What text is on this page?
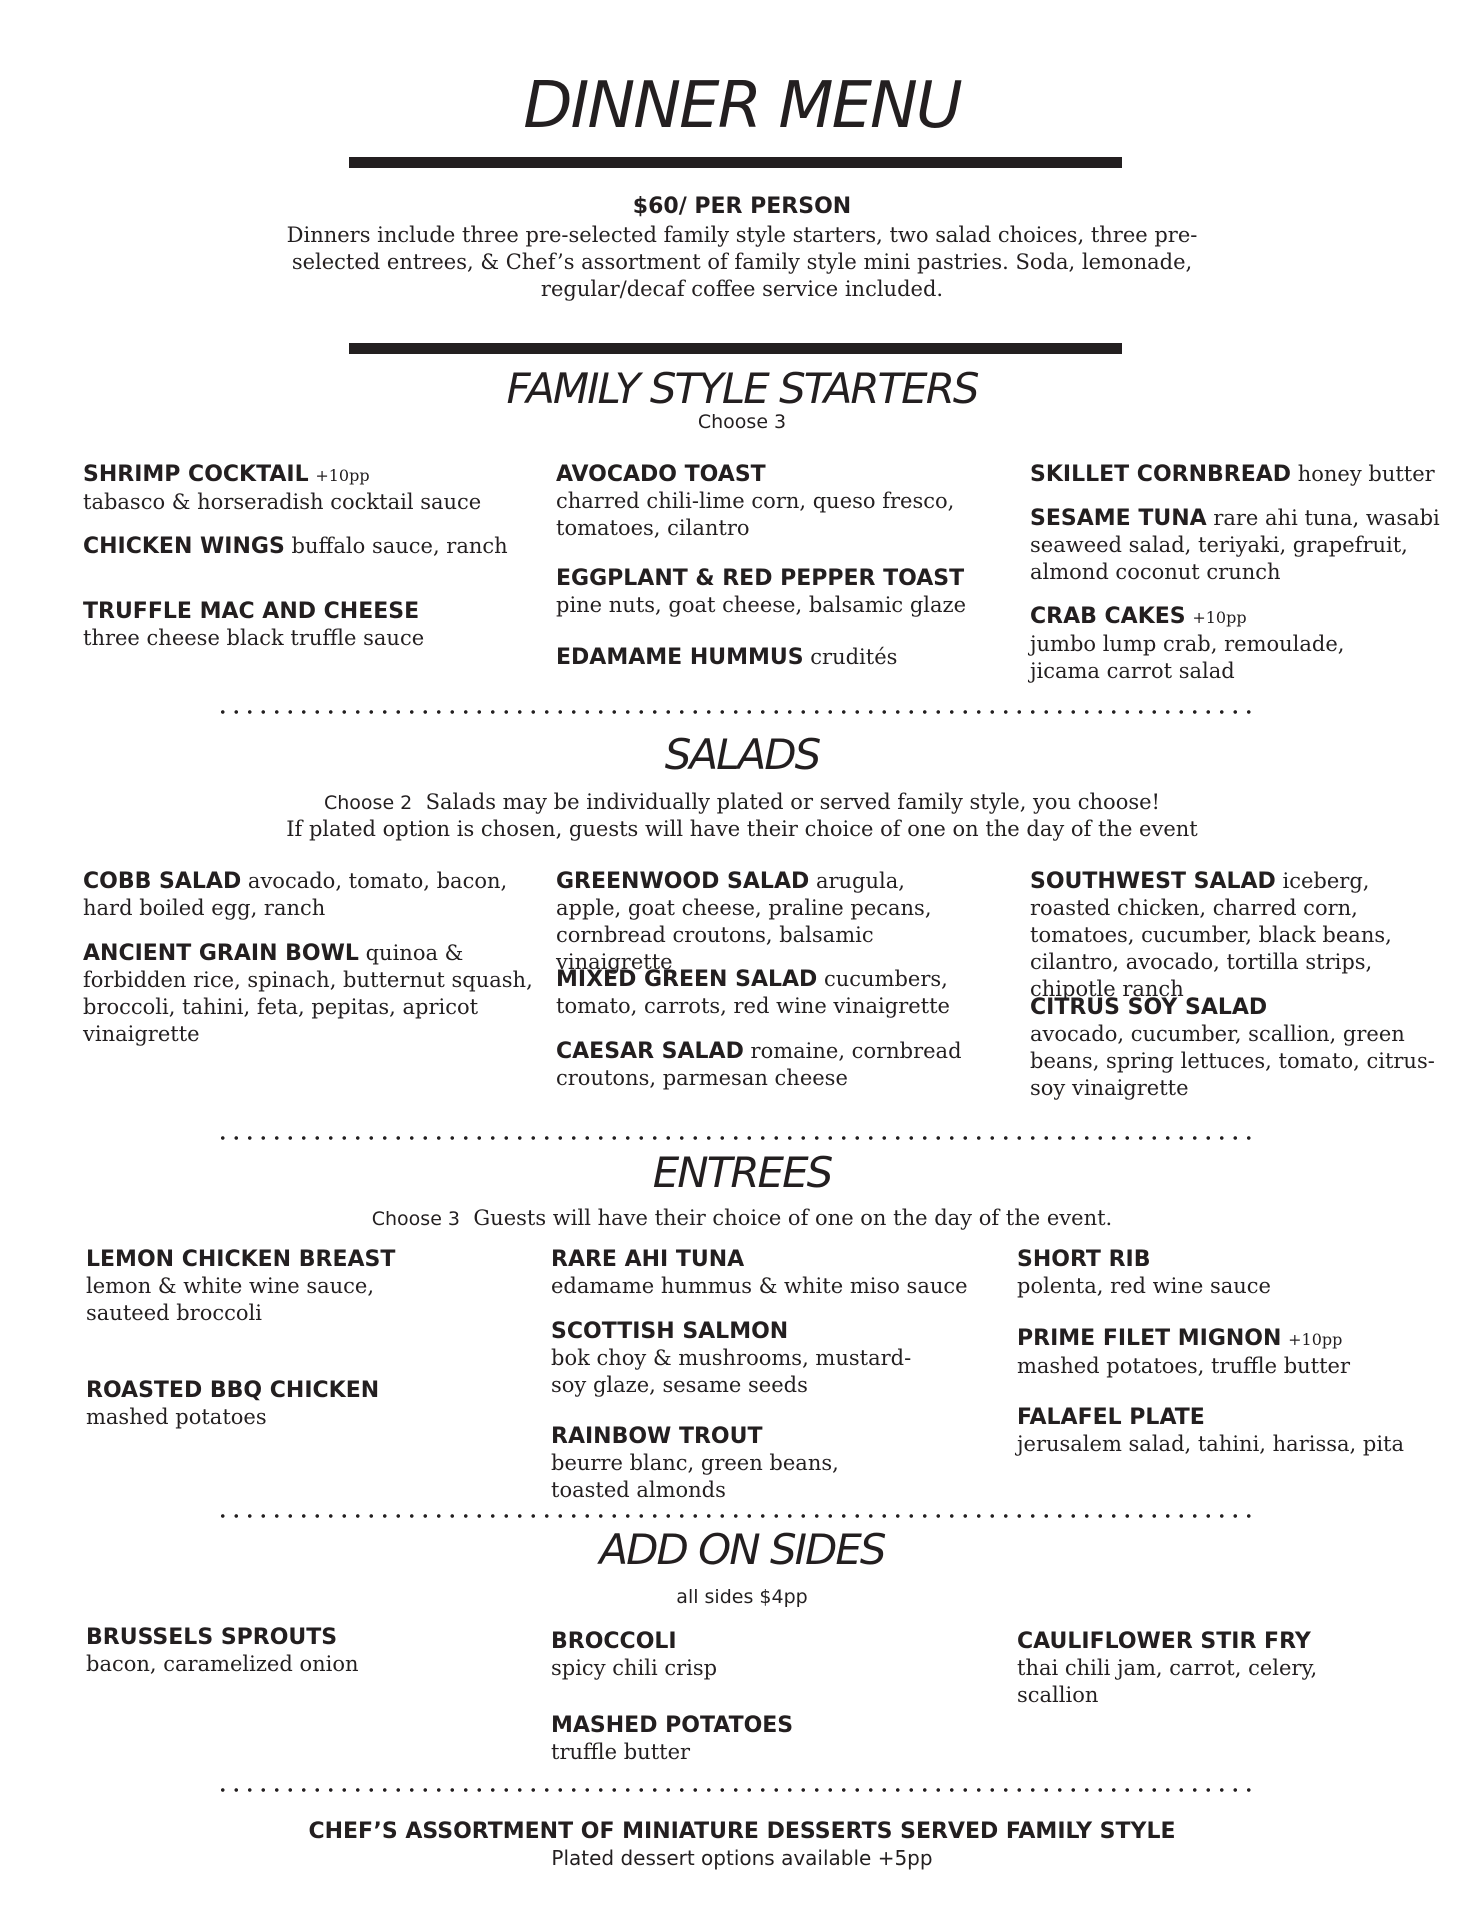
DINNER MENU
$60/ PER PERSON
Dinners include three pre-selected family style starters, two salad choices, three pre-selected entrees, & Chef’s assortment of family style mini pastries. Soda, lemonade, regular/decaf coffee service included.
FAMILY STYLE STARTERS
Choose 3
SHRIMP COCKTAIL +10pp
tabasco & horseradish cocktail sauce
CHICKEN WINGS buffalo sauce, ranch
TRUFFLE MAC AND CHEESE
three cheese black truffle sauce
AVOCADO TOAST
charred chili-lime corn, queso fresco, tomatoes, cilantro
EGGPLANT & RED PEPPER TOAST
pine nuts, goat cheese, balsamic glaze
EDAMAME HUMMUS crudités
SKILLET CORNBREAD honey butter
SESAME TUNA rare ahi tuna, wasabi seaweed salad, teriyaki, grapefruit, almond coconut crunch
CRAB CAKES +10pp
jumbo lump crab, remoulade, jicama carrot salad
SALADS
Choose 2 Salads may be individually plated or served family style, you choose!
If plated option is chosen, guests will have their choice of one on the day of the event
COBB SALAD avocado, tomato, bacon, hard boiled egg, ranch
ANCIENT GRAIN BOWL quinoa & forbidden rice, spinach, butternut squash, broccoli, tahini, feta, pepitas, apricot vinaigrette
GREENWOOD SALAD arugula, apple, goat cheese, praline pecans, cornbread croutons, balsamic vinaigrette
MIXED GREEN SALAD cucumbers, tomato, carrots, red wine vinaigrette
CAESAR SALAD romaine, cornbread croutons, parmesan cheese
SOUTHWEST SALAD iceberg, roasted chicken, charred corn, tomatoes, cucumber, black beans, cilantro, avocado, tortilla strips, chipotle ranch
CITRUS SOY SALAD
avocado, cucumber, scallion, green beans, spring lettuces, tomato, citrus-soy vinaigrette
ENTREES
Choose 3 Guests will have their choice of one on the day of the event.
LEMON CHICKEN BREAST
lemon & white wine sauce, sauteed broccoli
ROASTED BBQ CHICKEN
mashed potatoes
RARE AHI TUNA
edamame hummus & white miso sauce
SCOTTISH SALMON
bok choy & mushrooms, mustard-soy glaze, sesame seeds
RAINBOW TROUT
beurre blanc, green beans, toasted almonds
SHORT RIB
polenta, red wine sauce
PRIME FILET MIGNON +10pp
mashed potatoes, truffle butter
FALAFEL PLATE
jerusalem salad, tahini, harissa, pita
ADD ON SIDES
all sides $4pp
BRUSSELS SPROUTS
bacon, caramelized onion
BROCCOLI
spicy chili crisp
MASHED POTATOES
truffle butter
CAULIFLOWER STIR FRY
thai chili jam, carrot, celery, scallion
CHEF’S ASSORTMENT OF MINIATURE DESSERTS SERVED FAMILY STYLE
Plated dessert options available +5pp
